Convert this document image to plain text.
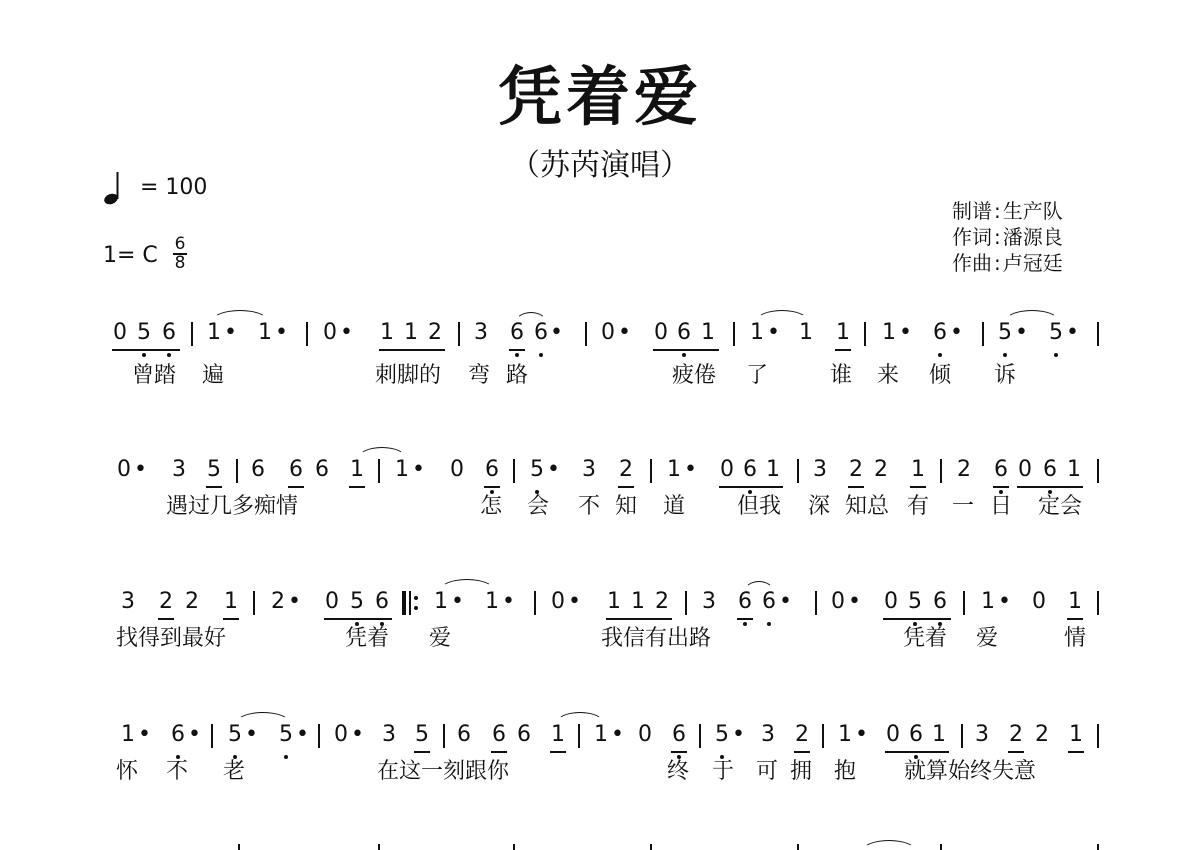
凭着爱
（苏芮演唱）
= 100
1= C 6
8
制谱 : 生产队
作词 : 潘源良
作曲 : 卢冠廷
0 5 6 1 • 1 • 0 • 1 1 2 3 6 6 • 0 • 0 6 1 1 • 1 1 1 • 6 • 5 • 5 •
曾踏 遍	刺脚的 弯 路	疲倦 了	谁 来 倾 诉
0 • 3 5 6 6 6 1 1 • 0 6 5 • 3 2 1 • 0 6 1 3 2 2 1 2 6 0 6 1
遇过几多痴情	怎 会 不 知 道 但我 深 知总 有 一 日 定会
3 2 2 1 2 • 0 5 6 1 • 1 • 0 • 1 1 2 3 6 6 • 0 • 0 5 6 1 • 0 1
找得到最好	凭着 爱	我信有出路	凭着 爱	情
1 • 6 • 5 • 5 • 0 • 3 5 6 6 6 1 1 • 0 6 5 • 3 2 1 • 0 6 1 3 2 2 1
怀 不 老	在这一刻跟你	终 于 可 拥 抱 就算始终失意
